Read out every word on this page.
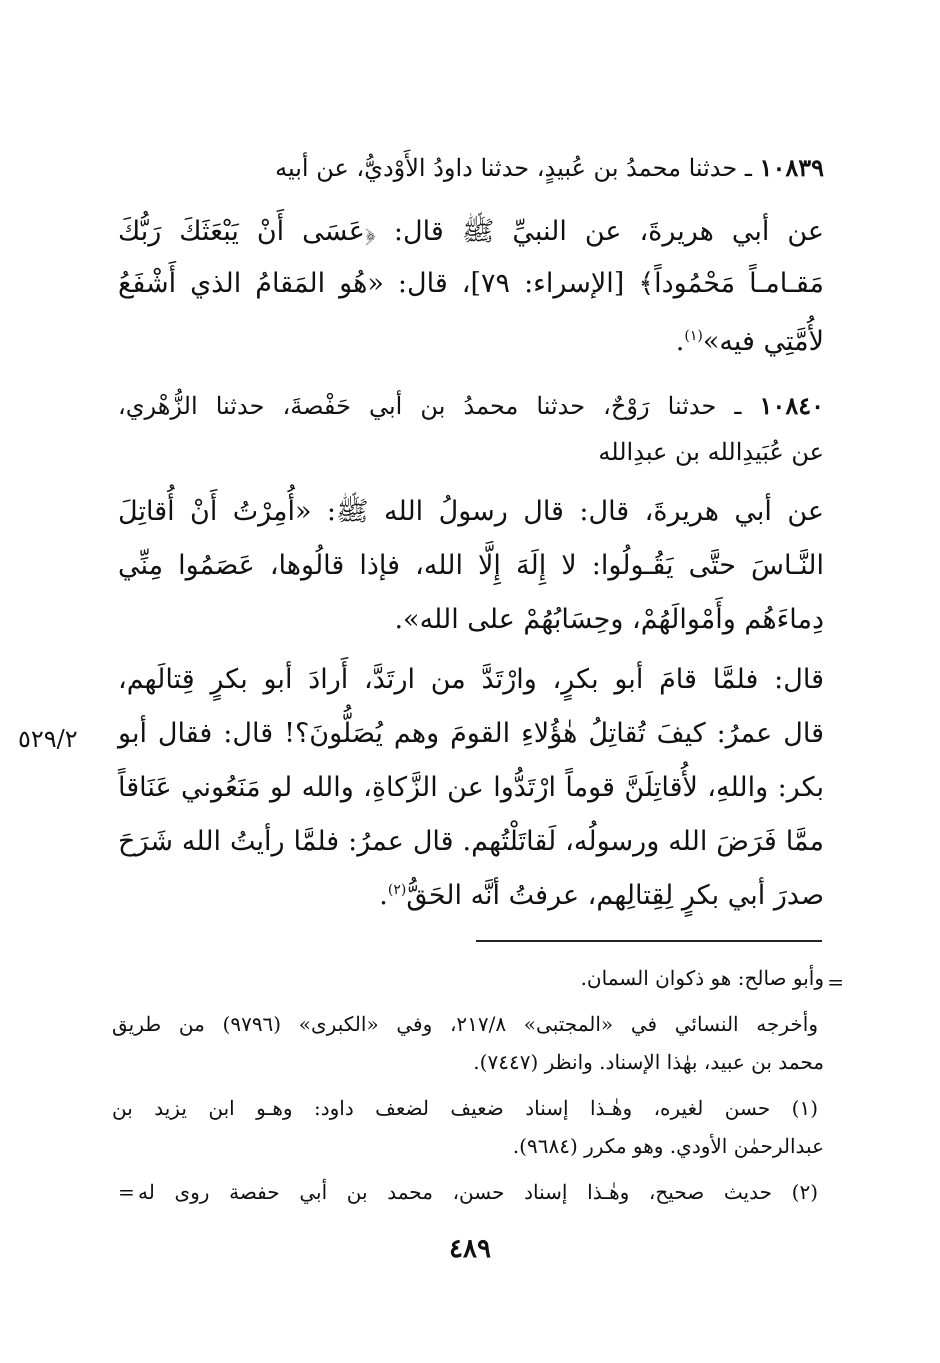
١٠٨٣٩ ـ حدثنا محمدُ بن عُبيدٍ، حدثنا داودُ الأَوْديُّ، عن أبيه
عن أبي هريرةَ، عن النبيِّ ﷺ قال: ﴿عَسَى أَنْ يَبْعَثَكَ رَبُّكَ
مَقـامـاً مَحْمُوداً﴾ [الإسراء: ٧٩]، قال: «هُو المَقامُ الذي أَشْفَعُ
لأُمَّتِي فيه»$^{(١)}$.
١٠٨٤٠ ـ حدثنا رَوْحٌ، حدثنا محمدُ بن أبي حَفْصةَ، حدثنا الزُّهْري،
عن عُبَيدِالله بن عبدِالله
عن أبي هريرةَ، قال: قال رسولُ الله ﷺ: «أُمِرْتُ أَنْ أُقاتِلَ
النَّـاسَ حتَّى يَقُـولُوا: لا إِلَهَ إِلَّا الله، فإذا قالُوها، عَصَمُوا مِنِّي
دِماءَهُم وأَمْوالَهُمْ، وحِسَابُهُمْ على الله».
قال: فلمَّا قامَ أبو بكرٍ، وارْتَدَّ من ارتَدَّ، أَرادَ أبو بكرٍ قِتالَهم،
قال عمرُ: كيفَ تُقاتِلُ هٰؤُلاءِ القومَ وهم يُصَلُّونَ؟! قال: فقال أبو
بكر: واللهِ، لأُقاتِلَنَّ قوماً ارْتَدُّوا عن الزَّكاةِ، والله لو مَنَعُوني عَنَاقاً
ممَّا فَرَضَ الله ورسولُه، لَقاتَلْتُهم. قال عمرُ: فلمَّا رأيتُ الله شَرَحَ
صدرَ أبي بكرٍ لِقِتالِهم، عرفتُ أنَّه الحَقُّ$^{(٢)}$.
٥٢٩/٢
=
وأبو صالح: هو ذكوان السمان.
وأخرجه النسائي في «المجتبى» ٢١٧/٨، وفي «الكبرى» (٩٧٩٦) من طريق
محمد بن عبيد، بهٰذا الإسناد. وانظر (٧٤٤٧).
(١) حسن لغيره، وهٰـذا إسناد ضعيف لضعف داود: وهـو ابن يزيد بن
عبدالرحمٰن الأودي. وهو مكرر (٩٦٨٤).
(٢) حديث صحيح، وهٰـذا إسناد حسن، محمد بن أبي حفصة روى له
=
٤٨٩
